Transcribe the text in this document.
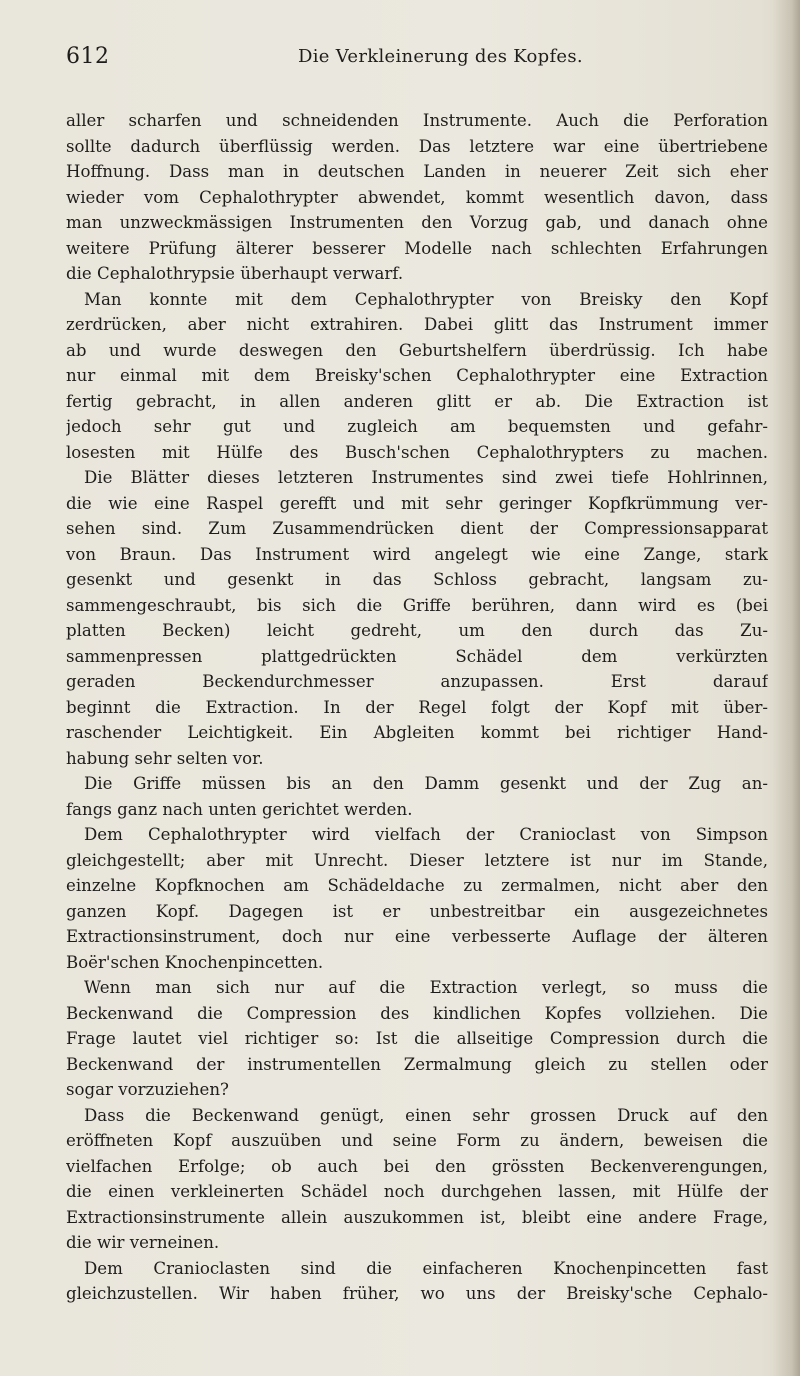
612	Die Verkleinerung des Kopfes.
aller scharfen und schneidenden Instrumente. Auch die Perforation
sollte dadurch überflüssig werden. Das letztere war eine übertriebene
Hoffnung. Dass man in deutschen Landen in neuerer Zeit sich eher
wieder vom Cephalothrypter abwendet, kommt wesentlich davon, dass
man unzweckmässigen Instrumenten den Vorzug gab, und danach ohne
weitere Prüfung älterer besserer Modelle nach schlechten Erfahrungen
die Cephalothrypsie überhaupt verwarf.
Man konnte mit dem Cephalothrypter von Breisky den Kopf
zerdrücken, aber nicht extrahiren. Dabei glitt das Instrument immer
ab und wurde deswegen den Geburtshelfern überdrüssig. Ich habe
nur einmal mit dem Breisky'schen Cephalothrypter eine Extraction
fertig gebracht, in allen anderen glitt er ab. Die Extraction ist
jedoch sehr gut und zugleich am bequemsten und gefahr-
losesten mit Hülfe des Busch'schen Cephalothrypters zu machen.
Die Blätter dieses letzteren Instrumentes sind zwei tiefe Hohlrinnen,
die wie eine Raspel gerefft und mit sehr geringer Kopfkrümmung ver-
sehen sind. Zum Zusammendrücken dient der Compressionsapparat
von Braun. Das Instrument wird angelegt wie eine Zange, stark
gesenkt und gesenkt in das Schloss gebracht, langsam zu-
sammengeschraubt, bis sich die Griffe berühren, dann wird es (bei
platten Becken) leicht gedreht, um den durch das Zu-
sammenpressen plattgedrückten Schädel dem verkürzten
geraden Beckendurchmesser anzupassen. Erst darauf
beginnt die Extraction. In der Regel folgt der Kopf mit über-
raschender Leichtigkeit. Ein Abgleiten kommt bei richtiger Hand-
habung sehr selten vor.
Die Griffe müssen bis an den Damm gesenkt und der Zug an-
fangs ganz nach unten gerichtet werden.
Dem Cephalothrypter wird vielfach der Cranioclast von Simpson
gleichgestellt; aber mit Unrecht. Dieser letztere ist nur im Stande,
einzelne Kopfknochen am Schädeldache zu zermalmen, nicht aber den
ganzen Kopf. Dagegen ist er unbestreitbar ein ausgezeichnetes
Extractionsinstrument, doch nur eine verbesserte Auflage der älteren
Boër'schen Knochenpincetten.
Wenn man sich nur auf die Extraction verlegt, so muss die
Beckenwand die Compression des kindlichen Kopfes vollziehen. Die
Frage lautet viel richtiger so: Ist die allseitige Compression durch die
Beckenwand der instrumentellen Zermalmung gleich zu stellen oder
sogar vorzuziehen?
Dass die Beckenwand genügt, einen sehr grossen Druck auf den
eröffneten Kopf auszuüben und seine Form zu ändern, beweisen die
vielfachen Erfolge; ob auch bei den grössten Beckenverengungen,
die einen verkleinerten Schädel noch durchgehen lassen, mit Hülfe der
Extractionsinstrumente allein auszukommen ist, bleibt eine andere Frage,
die wir verneinen.
Dem Cranioclasten sind die einfacheren Knochenpincetten fast
gleichzustellen. Wir haben früher, wo uns der Breisky'sche Cephalo-
